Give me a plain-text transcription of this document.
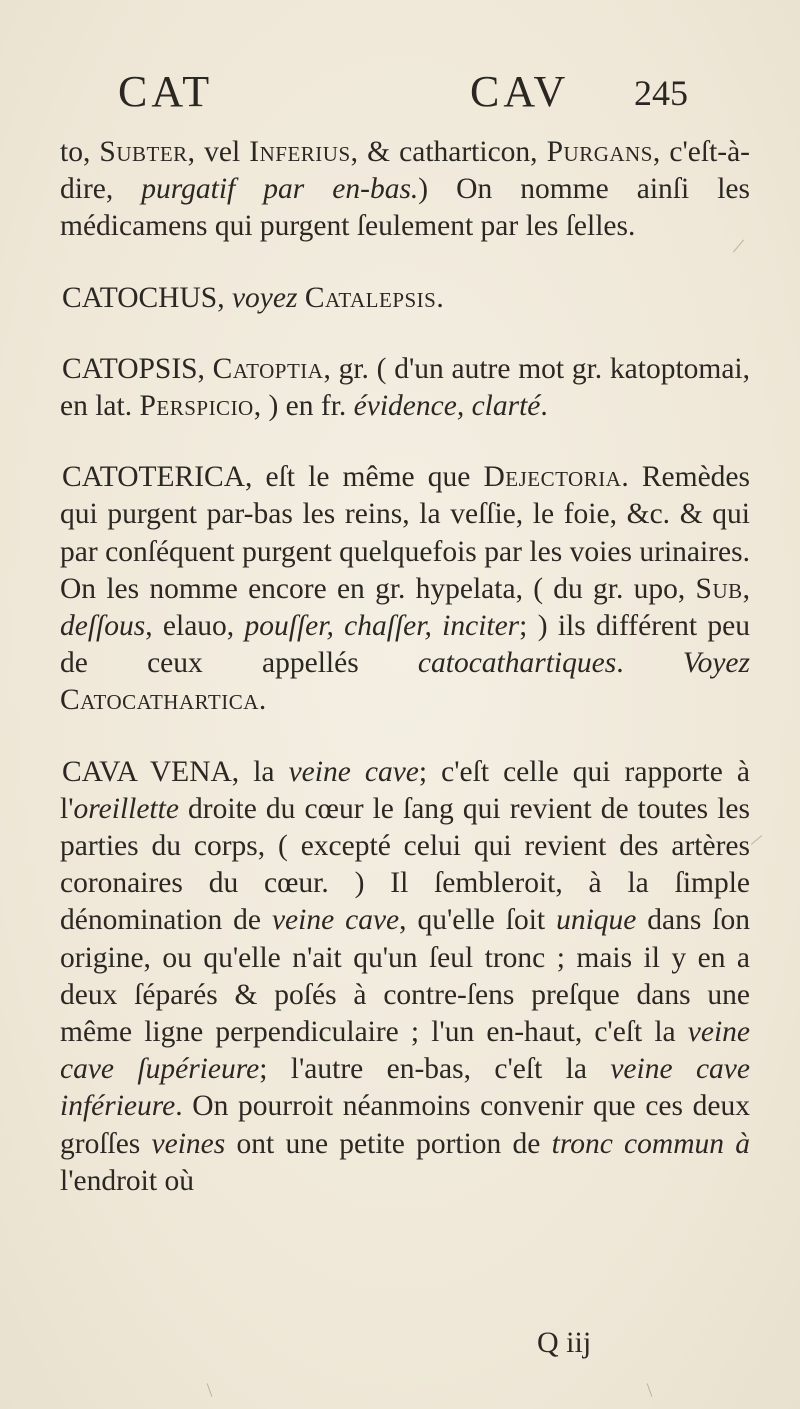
CAT	CAV 245

to, Subter, vel Inferius, & catharticon, Purgans, c'eſt-à-dire, purgatif par en-bas.) On nomme ainſi les médicamens qui purgent ſeulement par les ſelles.

CATOCHUS, voyez Catalepsis.

CATOPSIS, Catoptia, gr. ( d'un autre mot gr. katoptomai, en lat. Perspicio, ) en fr. évidence, clarté.

CATOTERICA, eſt le même que Dejectoria. Remèdes qui purgent par-bas les reins, la veſſie, le foie, &c. & qui par conſéquent purgent quelquefois par les voies urinaires. On les nomme encore en gr. hypelata, ( du gr. upo, Sub, deſſous, elauo, pouſſer, chaſſer, inciter; ) ils différent peu de ceux appellés catocathartiques. Voyez Catocathartica.

CAVA VENA, la veine cave; c'eſt celle qui rapporte à l'oreillette droite du cœur le ſang qui revient de toutes les parties du corps, ( excepté celui qui revient des artères coronaires du cœur. ) Il ſembleroit, à la ſimple dénomination de veine cave, qu'elle ſoit unique dans ſon origine, ou qu'elle n'ait qu'un ſeul tronc ; mais il y en a deux ſéparés & poſés à contre-ſens preſque dans une même ligne perpendiculaire ; l'un en-haut, c'eſt la veine cave ſupérieure; l'autre en-bas, c'eſt la veine cave inférieure. On pourroit néanmoins convenir que ces deux groſſes veines ont une petite portion de tronc commun à l'endroit où

Q iij
